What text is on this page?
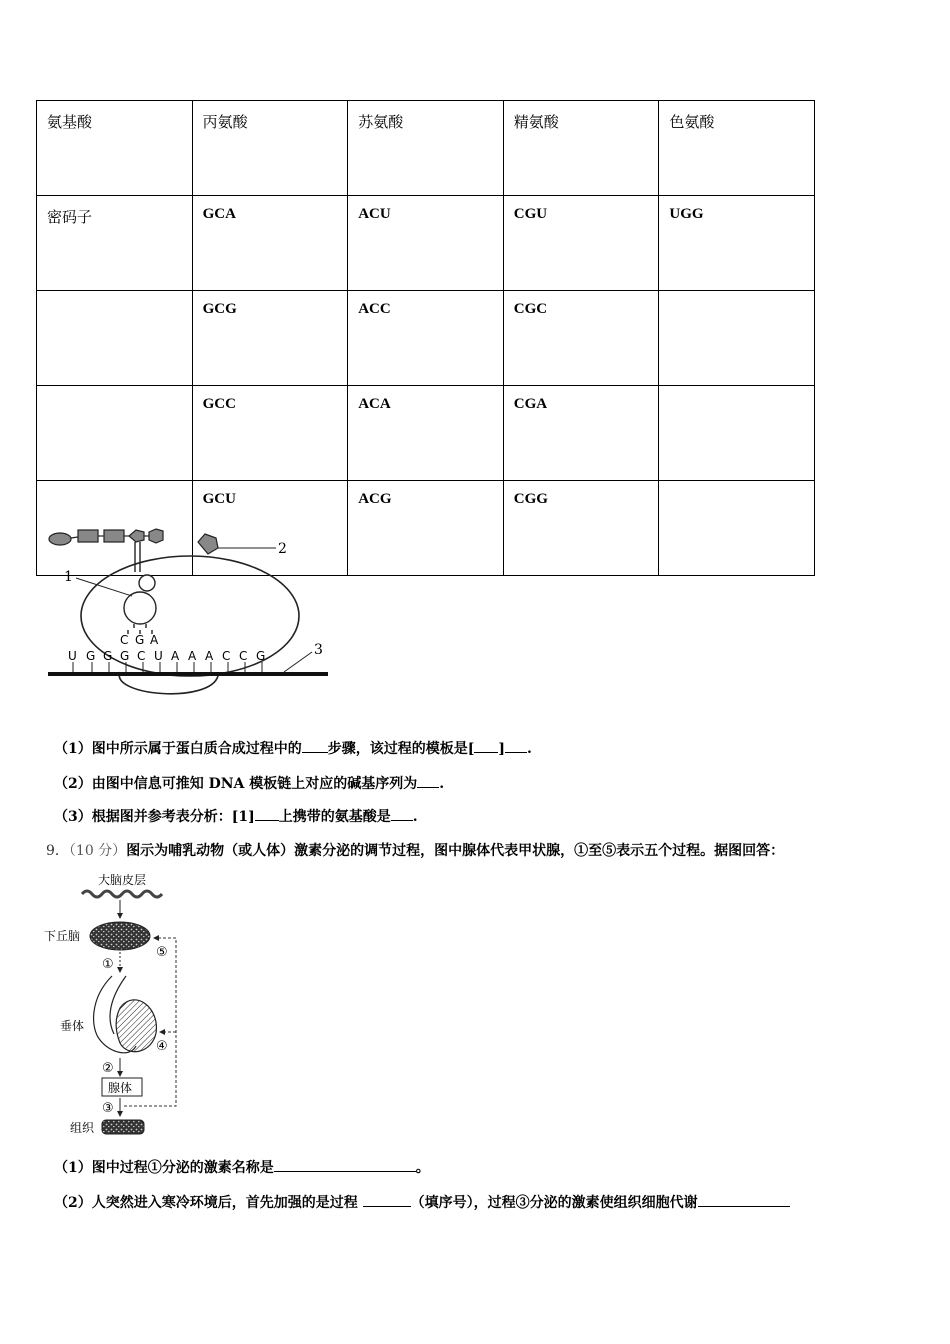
氨基酸	丙氨酸	苏氨酸	精氨酸	色氨酸
密码子	GCA	ACU	CGU	UGG
	GCG	ACC	CGC	
	GCC	ACA	CGA	
	GCU	ACG	CGG	
2
1
C G A
U G G G C U A A A C C G	3
（1）图中所示属于蛋白质合成过程中的 步骤，该过程的模板是[ ] .
（2）由图中信息可推知 DNA 模板链上对应的碱基序列为 .
（3）根据图并参考表分析：[1] 上携带的氨基酸是 .
9．（10 分）图示为哺乳动物（或人体）激素分泌的调节过程，图中腺体代表甲状腺，①至⑤表示五个过程。据图回答：
大脑皮层
下丘脑
⑤
①
垂体
④
②
腺体
③
组织
（1）图中过程①分泌的激素名称是	。
（2）人突然进入寒冷环境后，首先加强的是过程	（填序号），过程③分泌的激素使组织细胞代谢
